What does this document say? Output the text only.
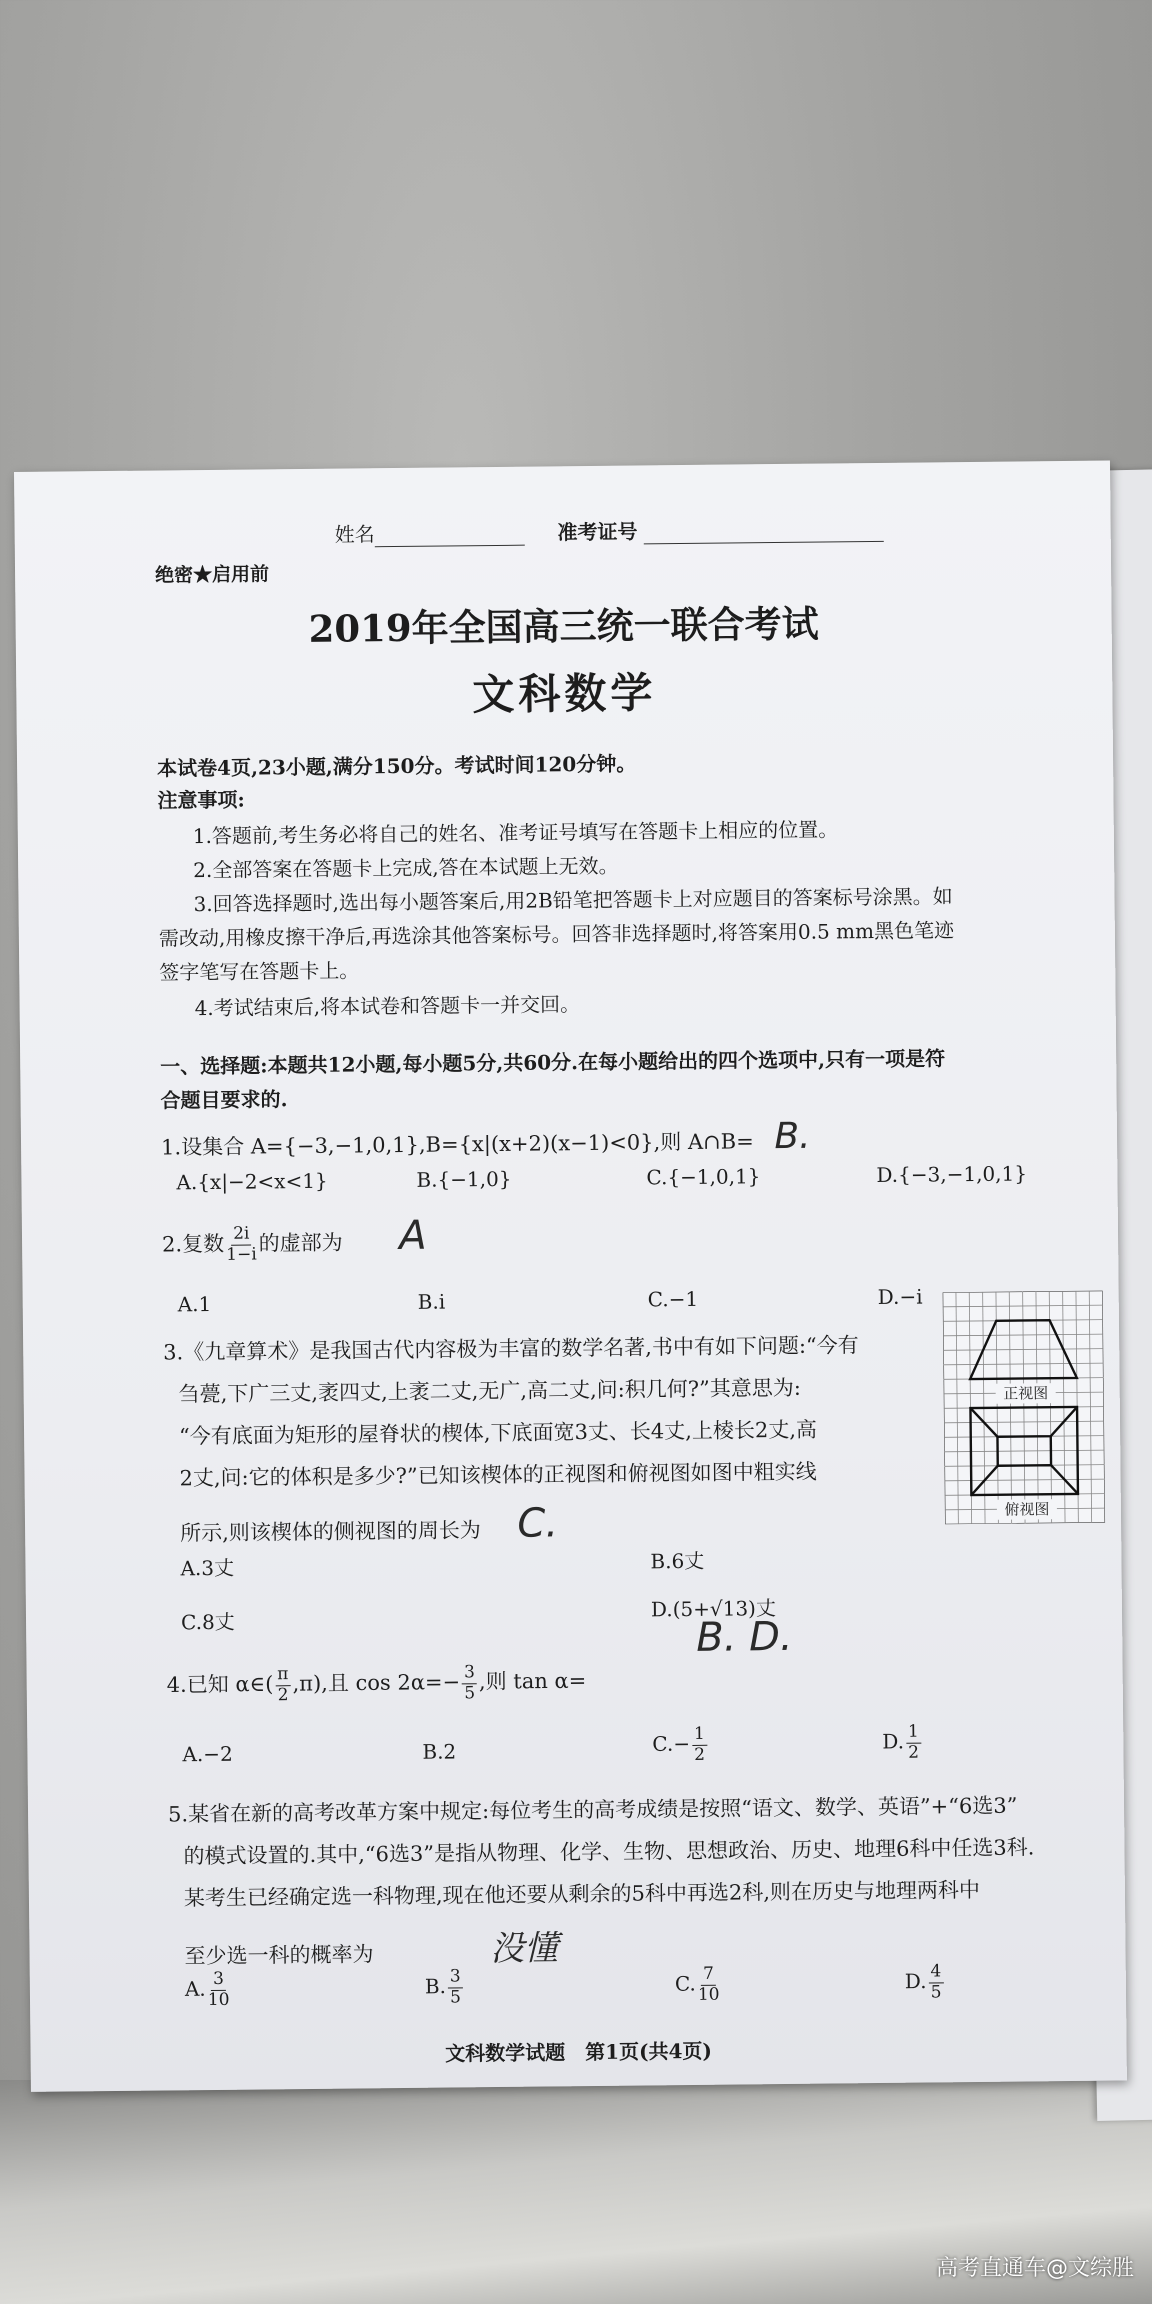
姓名	准考证号
绝密★启用前
2019年全国高三统一联合考试
文科数学
本试卷4页,23小题,满分150分。考试时间120分钟。
注意事项:
1.答题前,考生务必将自己的姓名、准考证号填写在答题卡上相应的位置。
2.全部答案在答题卡上完成,答在本试题上无效。
3.回答选择题时,选出每小题答案后,用2B铅笔把答题卡上对应题目的答案标号涂黑。如
需改动,用橡皮擦干净后,再选涂其他答案标号。回答非选择题时,将答案用0.5 mm黑色笔迹
签字笔写在答题卡上。
4.考试结束后,将本试卷和答题卡一并交回。
一、选择题:本题共12小题,每小题5分,共60分.在每小题给出的四个选项中,只有一项是符
合题目要求的.
1.设集合 A={−3,−1,0,1},B={x|(x+2)(x−1)<0},则 A∩B= B.
A.{x|−2<x<1}	B.{−1,0}	C.{−1,0,1}	D.{−3,−1,0,1}
2.复数 $\frac{2i}{1-i}$ 的虚部为 A
A.1	B.i	C.−1	D.−i
3.《九章算术》是我国古代内容极为丰富的数学名著,书中有如下问题:“今有
刍甍,下广三丈,袤四丈,上袤二丈,无广,高二丈,问:积几何?”其意思为:
“今有底面为矩形的屋脊状的楔体,下底面宽3丈、长4丈,上棱长2丈,高
2丈,问:它的体积是多少?”已知该楔体的正视图和俯视图如图中粗实线
所示,则该楔体的侧视图的周长为 C.
A.3丈	B.6丈
C.8丈
D.(5+√13)丈
B. D.
正视图
俯视图
4.已知 α∈( $\frac{\pi}{2} ,\pi$),且 $\cos 2\alpha=- \frac{3}{5}$ ,则 tan α=
A.−2	B.2	$C.- \frac{1}{2}$	D. $\frac{1}{2}$
5.某省在新的高考改革方案中规定:每位考生的高考成绩是按照“语文、数学、英语”+“6选3”
的模式设置的.其中,“6选3”是指从物理、化学、生物、思想政治、历史、地理6科中任选3科.
某考生已经确定选一科物理,现在他还要从剩余的5科中再选2科,则在历史与地理两科中
至少选一科的概率为	没懂
A. $\frac{3}{10}$	B. $\frac{3}{5}$	C. $\frac{7}{10}$	D. $\frac{4}{5}$
文科数学试题　第1页(共4页)
高考直通车@文综胜
